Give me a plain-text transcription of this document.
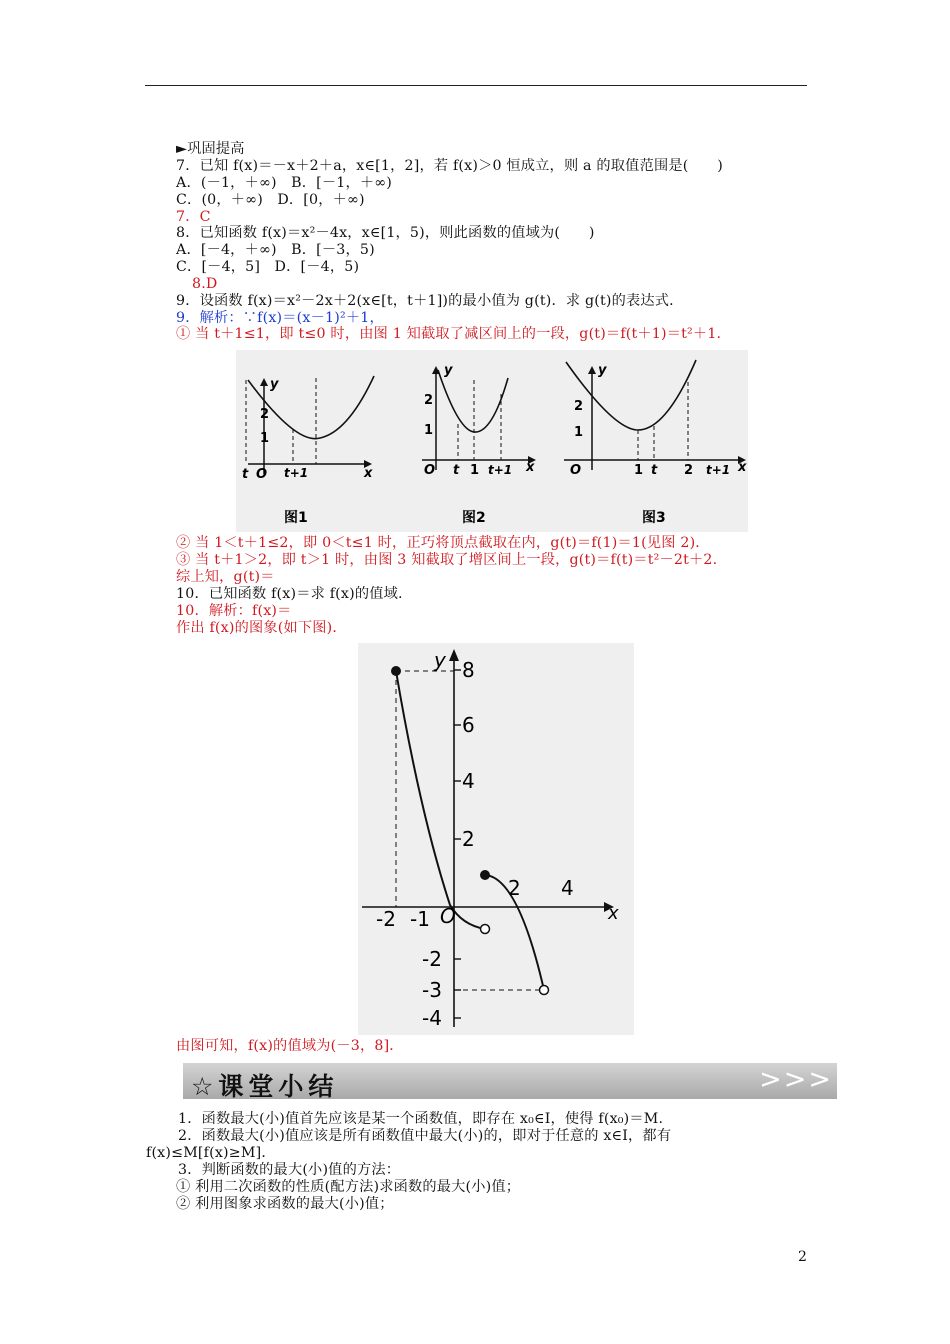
►巩固提高
7．已知 f(x)＝－x＋2＋a，x∈[1，2]，若 f(x)＞0 恒成立，则 a 的取值范围是(　　)
A．(－1，＋∞)　B．[－1，＋∞)
C．(0，＋∞)　D．[0，＋∞)
7．C
8．已知函数 f(x)＝x²－4x，x∈[1，5)，则此函数的值域为(　　)
A．[－4，＋∞)　B．[－3，5)
C．[－4，5]　D．[－4，5)
8.D
9．设函数 f(x)＝x²－2x＋2(x∈[t，t＋1])的最小值为 g(t)．求 g(t)的表达式．
9．解析：∵f(x)＝(x－1)²＋1，
① 当 t＋1≤1，即 t≤0 时，由图 1 知截取了减区间上的一段，g(t)＝f(t＋1)＝t²＋1.
y
x
2
1
t O t+1
图1
y
x
2
1
O t 1 t+1
图2
y
x
2
1
O	1 t 2 t+1
图3
② 当 1＜t＋1≤2，即 0＜t≤1 时，正巧将顶点截取在内，g(t)＝f(1)＝1(见图 2)．
③ 当 t＋1＞2，即 t＞1 时，由图 3 知截取了增区间上一段，g(t)＝f(t)＝t²－2t＋2.
综上知，g(t)＝
10．已知函数 f(x)＝求 f(x)的值域.
10．解析：f(x)＝
作出 f(x)的图象(如下图)．
y
x
8
6
4
2
-2
-3
-4
O
-2 -1
2 4
由图可知，f(x)的值域为(－3，8]．
☆课堂小结	>>>
1．函数最大(小)值首先应该是某一个函数值，即存在 x₀∈I，使得 f(x₀)＝M.
2．函数最大(小)值应该是所有函数值中最大(小)的，即对于任意的 x∈I，都有
f(x)≤M[f(x)≥M]．
3．判断函数的最大(小)值的方法：
① 利用二次函数的性质(配方法)求函数的最大(小)值；
② 利用图象求函数的最大(小)值；
2
